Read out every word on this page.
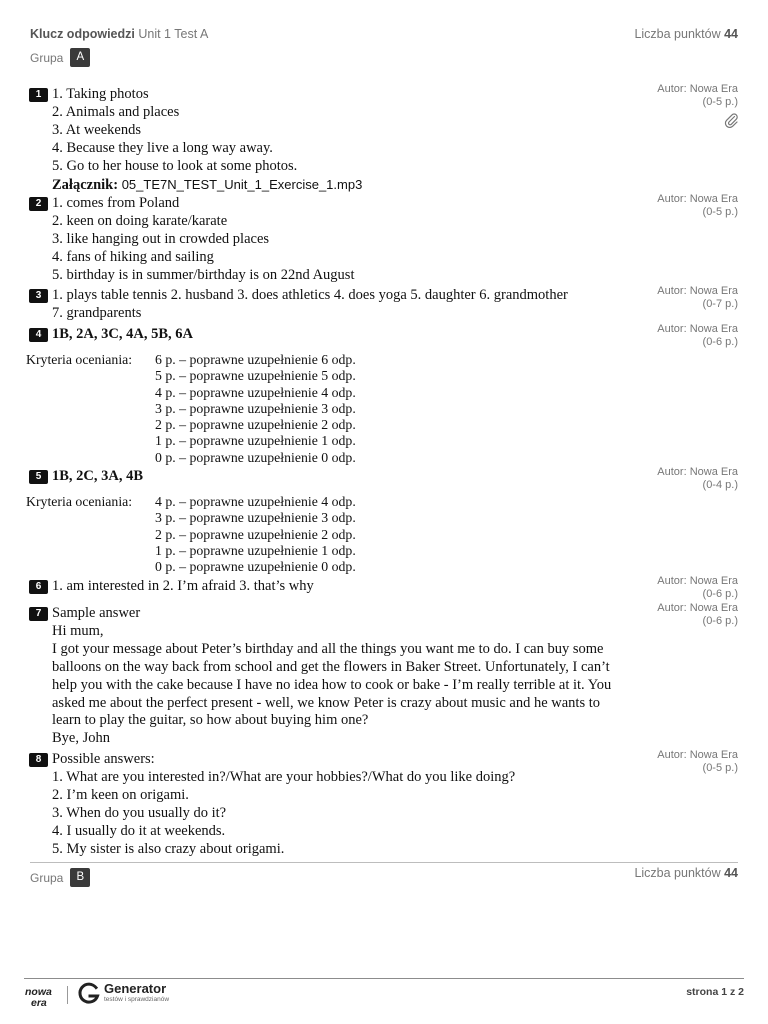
Klucz odpowiedzi Unit 1 Test A	Liczba punktów 44
Grupa	A
1 1. Taking photos
2. Animals and places
3. At weekends
4. Because they live a long way away.
5. Go to her house to look at some photos.
Załącznik: 05_TE7N_TEST_Unit_1_Exercise_1.mp3
Autor: Nowa Era
(0-5 p.)
2 1. comes from Poland
2. keen on doing karate/karate
3. like hanging out in crowded places
4. fans of hiking and sailing
5. birthday is in summer/birthday is on 22nd August
Autor: Nowa Era
(0-5 p.)
3 1. plays table tennis 2. husband 3. does athletics 4. does yoga 5. daughter 6. grandmother
7. grandparents
Autor: Nowa Era
(0-7 p.)
4 1B, 2A, 3C, 4A, 5B, 6A	Autor: Nowa Era
(0-6 p.)
Kryteria oceniania: 6 p. – poprawne uzupełnienie 6 odp.
5 p. – poprawne uzupełnienie 5 odp.
4 p. – poprawne uzupełnienie 4 odp.
3 p. – poprawne uzupełnienie 3 odp.
2 p. – poprawne uzupełnienie 2 odp.
1 p. – poprawne uzupełnienie 1 odp.
0 p. – poprawne uzupełnienie 0 odp.
5 1B, 2C, 3A, 4B	Autor: Nowa Era
(0-4 p.)
Kryteria oceniania: 4 p. – poprawne uzupełnienie 4 odp.
3 p. – poprawne uzupełnienie 3 odp.
2 p. – poprawne uzupełnienie 2 odp.
1 p. – poprawne uzupełnienie 1 odp.
0 p. – poprawne uzupełnienie 0 odp.
6 1. am interested in 2. I’m afraid 3. that’s why	Autor: Nowa Era
(0-6 p.)
7 Sample answer
Hi mum,
I got your message about Peter’s birthday and all the things you want me to do. I can buy some balloons on the way back from school and get the flowers in Baker Street. Unfortunately, I can’t help you with the cake because I have no idea how to cook or bake - I’m really terrible at it. You asked me about the perfect present - well, we know Peter is crazy about music and he wants to learn to play the guitar, so how about buying him one?
Bye, John
Autor: Nowa Era
(0-6 p.)
8 Possible answers:
1. What are you interested in?/What are your hobbies?/What do you like doing?
2. I’m keen on origami.
3. When do you usually do it?
4. I usually do it at weekends.
5. My sister is also crazy about origami.
Autor: Nowa Era
(0-5 p.)
Grupa	B	Liczba punktów 44
nowa
era
Generator
testów i sprawdzianów
strona 1 z 2
